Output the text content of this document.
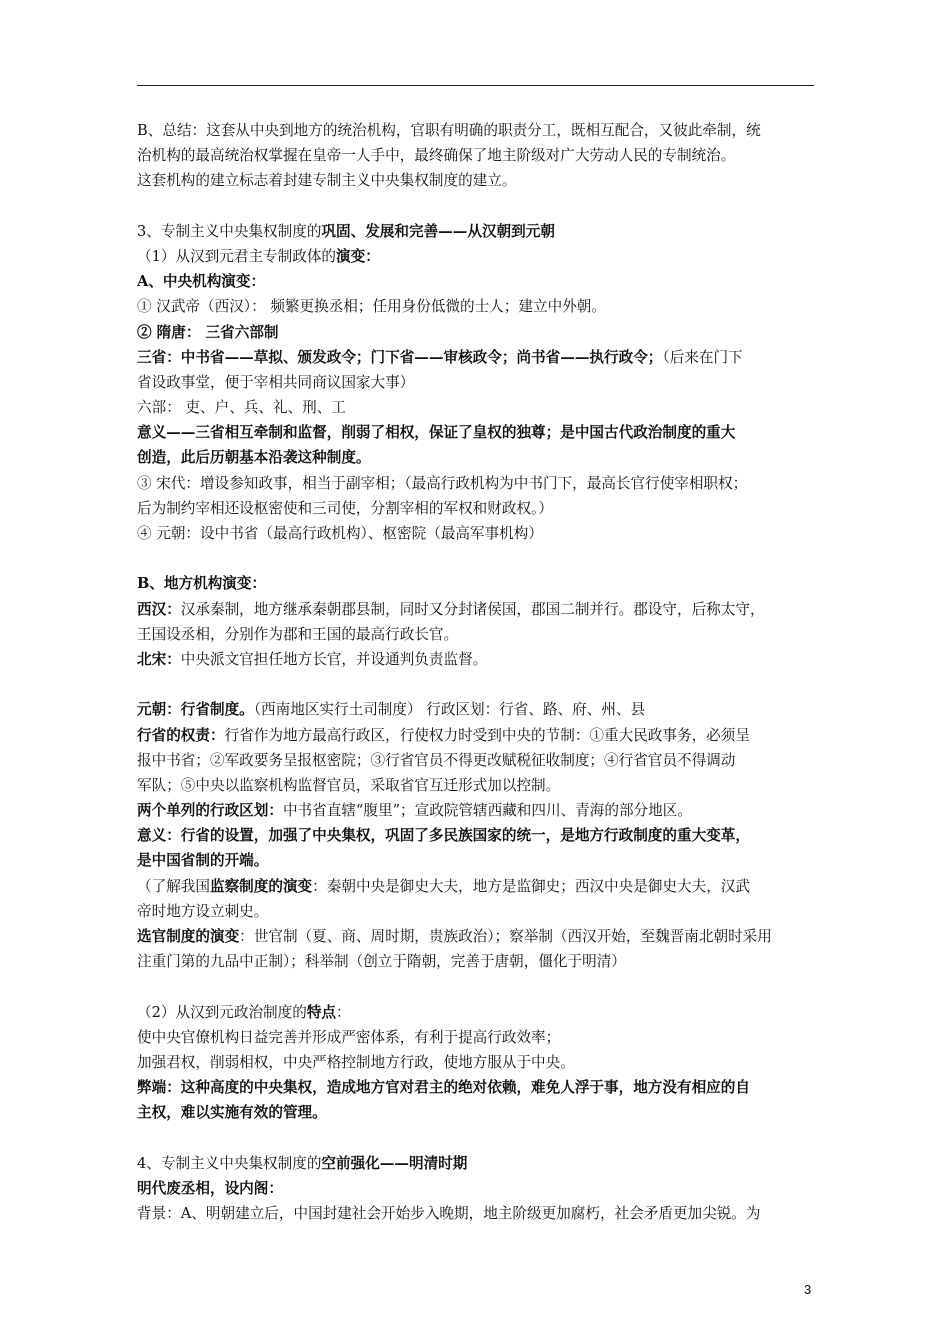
B、总结：这套从中央到地方的统治机构，官职有明确的职责分工，既相互配合，又彼此牵制，统
治机构的最高统治权掌握在皇帝一人手中，最终确保了地主阶级对广大劳动人民的专制统治。
这套机构的建立标志着封建专制主义中央集权制度的建立。
3、专制主义中央集权制度的巩固、发展和完善——从汉朝到元朝
（1）从汉到元君主专制政体的演变：
A、中央机构演变：
① 汉武帝（西汉）： 频繁更换丞相；任用身份低微的士人；建立中外朝。
② 隋唐： 三省六部制
三省：中书省——草拟、颁发政令；门下省——审核政令；尚书省——执行政令；（后来在门下
省设政事堂，便于宰相共同商议国家大事）
六部： 吏、户、兵、礼、刑、工
意义——三省相互牵制和监督，削弱了相权，保证了皇权的独尊；是中国古代政治制度的重大
创造，此后历朝基本沿袭这种制度。
③ 宋代：增设参知政事，相当于副宰相；（最高行政机构为中书门下，最高长官行使宰相职权；
后为制约宰相还设枢密使和三司使，分割宰相的军权和财政权。）
④ 元朝：设中书省（最高行政机构）、枢密院（最高军事机构）
B、地方机构演变：
西汉：汉承秦制，地方继承秦朝郡县制，同时又分封诸侯国，郡国二制并行。郡设守，后称太守，
王国设丞相，分别作为郡和王国的最高行政长官。
北宋：中央派文官担任地方长官，并设通判负责监督。
元朝：行省制度。（西南地区实行土司制度） 行政区划：行省、路、府、州、县
行省的权责：行省作为地方最高行政区，行使权力时受到中央的节制：①重大民政事务，必须呈
报中书省；②军政要务呈报枢密院；③行省官员不得更改赋税征收制度；④行省官员不得调动
军队；⑤中央以监察机构监督官员，采取省官互迁形式加以控制。
两个单列的行政区划：中书省直辖“腹里”；宣政院管辖西藏和四川、青海的部分地区。
意义：行省的设置，加强了中央集权，巩固了多民族国家的统一，是地方行政制度的重大变革，
是中国省制的开端。
（了解我国监察制度的演变：秦朝中央是御史大夫，地方是监御史；西汉中央是御史大夫，汉武
帝时地方设立刺史。
选官制度的演变：世官制（夏、商、周时期，贵族政治）；察举制（西汉开始，至魏晋南北朝时采用
注重门第的九品中正制）；科举制（创立于隋朝，完善于唐朝，僵化于明清）
（2）从汉到元政治制度的特点：
使中央官僚机构日益完善并形成严密体系，有利于提高行政效率；
加强君权，削弱相权，中央严格控制地方行政，使地方服从于中央。
弊端：这种高度的中央集权，造成地方官对君主的绝对依赖，难免人浮于事，地方没有相应的自
主权，难以实施有效的管理。
4、专制主义中央集权制度的空前强化——明清时期
明代废丞相，设内阁：
背景：A、明朝建立后，中国封建社会开始步入晚期，地主阶级更加腐朽，社会矛盾更加尖锐。为
3
